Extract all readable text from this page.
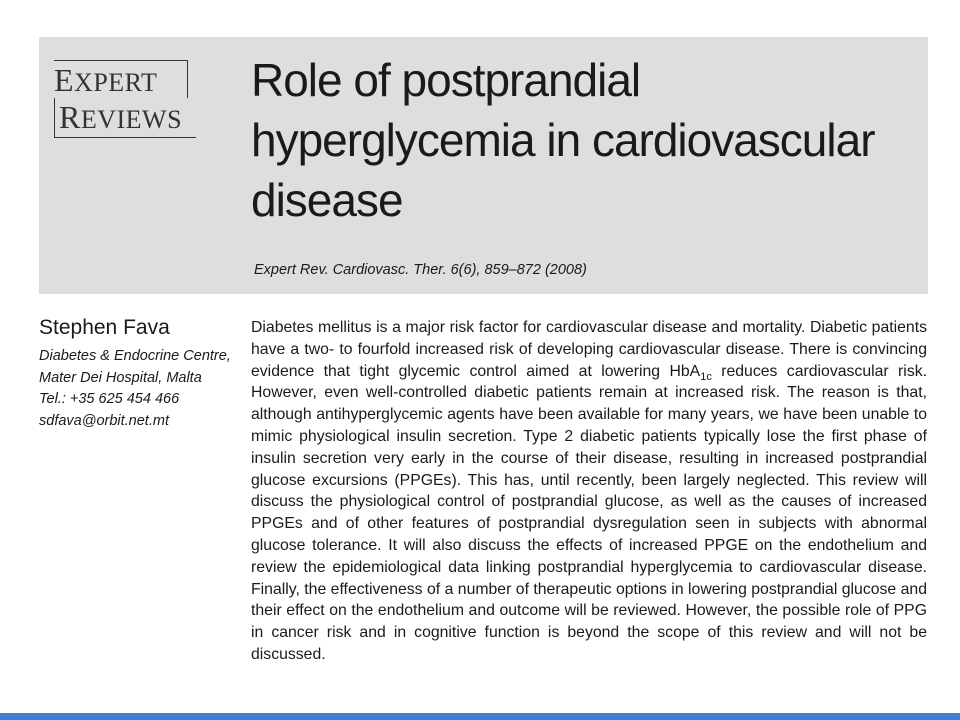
EXPERT
REVIEWS
Role of postprandial hyperglycemia in cardiovascular disease
Expert Rev. Cardiovasc. Ther. 6(6), 859–872 (2008)
Stephen Fava
Diabetes & Endocrine Centre,
Mater Dei Hospital, Malta
Tel.: +35 625 454 466
sdfava@orbit.net.mt

Diabetes mellitus is a major risk factor for cardiovascular disease and mortality. Diabetic patients have a two- to fourfold increased risk of developing cardiovascular disease. There is convincing evidence that tight glycemic control aimed at lowering HbA$_{1c}$ reduces cardiovascular risk. However, even well-controlled diabetic patients remain at increased risk. The reason is that, although antihyperglycemic agents have been available for many years, we have been unable to mimic physiological insulin secretion. Type 2 diabetic patients typically lose the first phase of insulin secretion very early in the course of their disease, resulting in increased postprandial glucose excursions (PPGEs). This has, until recently, been largely neglected. This review will discuss the physiological control of postprandial glucose, as well as the causes of increased PPGEs and of other features of postprandial dysregulation seen in subjects with abnormal glucose tolerance. It will also discuss the effects of increased PPGE on the endothelium and review the epidemiological data linking postprandial hyperglycemia to cardiovascular disease. Finally, the effectiveness of a number of therapeutic options in lowering postprandial glucose and their effect on the endothelium and outcome will be reviewed. However, the possible role of PPG in cancer risk and in cognitive function is beyond the scope of this review and will not be discussed.
